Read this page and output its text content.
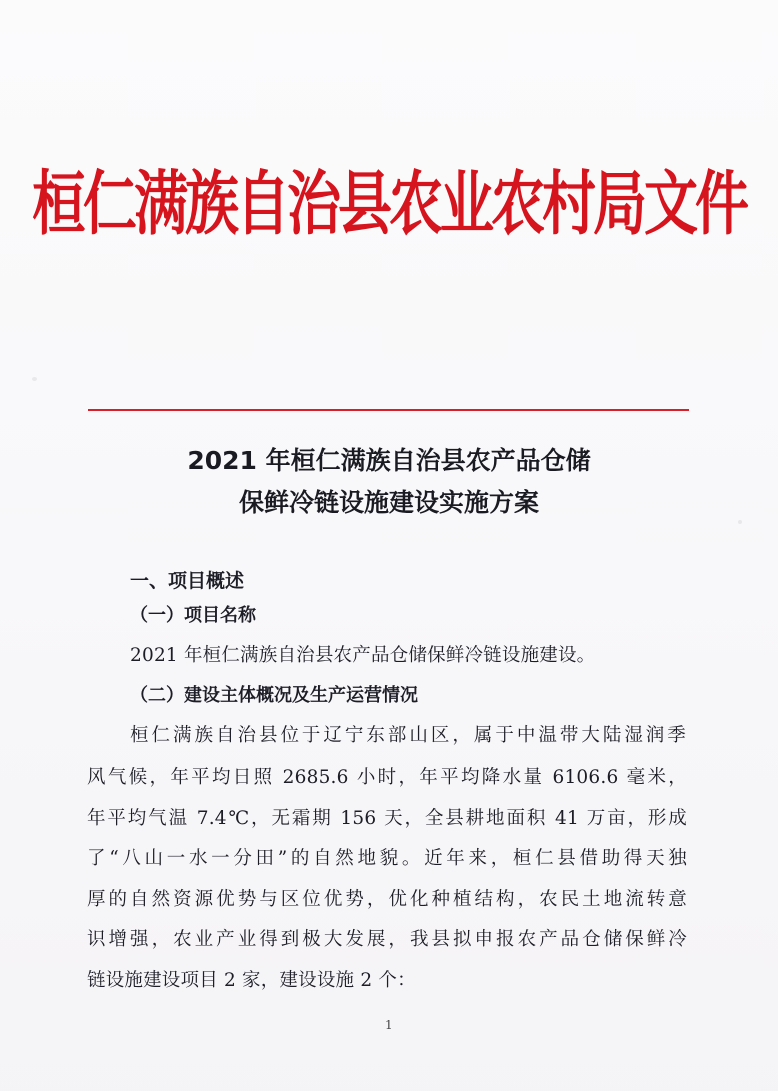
桓仁满族自治县农业农村局文件
2021 年桓仁满族自治县农产品仓储
保鲜冷链设施建设实施方案
一、项目概述
（一）项目名称
2021 年桓仁满族自治县农产品仓储保鲜冷链设施建设。
（二）建设主体概况及生产运营情况
桓仁满族自治县位于辽宁东部山区，属于中温带大陆湿润季
风气候，年平均日照 2685.6 小时，年平均降水量 6106.6 毫米，
年平均气温 7.4℃，无霜期 156 天，全县耕地面积 41 万亩，形成
了“八山一水一分田”的自然地貌。近年来，桓仁县借助得天独
厚的自然资源优势与区位优势，优化种植结构，农民土地流转意
识增强，农业产业得到极大发展，我县拟申报农产品仓储保鲜冷
链设施建设项目 2 家，建设设施 2 个：
1
